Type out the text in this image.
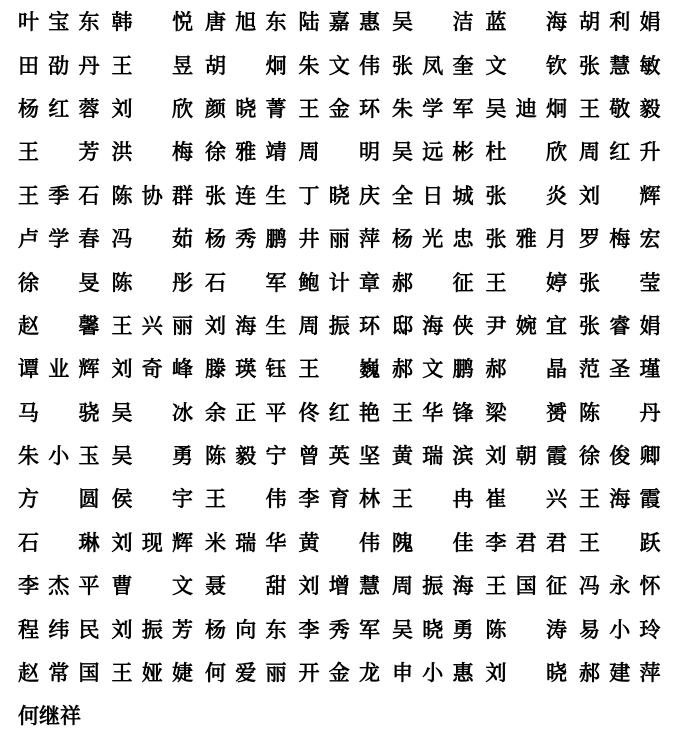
叶 宝 东 韩 悦 唐 旭 东 陆 嘉 惠 吴 洁 蓝 海 胡 利 娟
田 劭 丹 王 昱 胡 炯 朱 文 伟 张 凤 奎 文 钦 张 慧 敏
杨 红 蓉 刘 欣 颜 晓 菁 王 金 环 朱 学 军 吴 迪 炯 王 敬 毅
王 芳 洪 梅 徐 雅 靖 周 明 吴 远 彬 杜 欣 周 红 升
王 季 石 陈 协 群 张 连 生 丁 晓 庆 全 日 城 张 炎 刘 辉
卢 学 春 冯 茹 杨 秀 鹏 井 丽 萍 杨 光 忠 张 雅 月 罗 梅 宏
徐 旻 陈 彤 石 军 鲍 计 章 郝 征 王 婷 张 莹
赵 馨 王 兴 丽 刘 海 生 周 振 环 邸 海 侠 尹 婉 宜 张 睿 娟
谭 业 辉 刘 奇 峰 滕 瑛 钰 王 巍 郝 文 鹏 郝 晶 范 圣 瑾
马 骁 吴 冰 余 正 平 佟 红 艳 王 华 锋 梁 赟 陈 丹
朱 小 玉 吴 勇 陈 毅 宁 曾 英 坚 黄 瑞 滨 刘 朝 霞 徐 俊 卿
方 圆 侯 宇 王 伟 李 育 林 王 冉 崔 兴 王 海 霞
石 琳 刘 现 辉 米 瑞 华 黄 伟 隗 佳 李 君 君 王 跃
李 杰 平 曹 文 聂 甜 刘 增 慧 周 振 海 王 国 征 冯 永 怀
程 纬 民 刘 振 芳 杨 向 东 李 秀 军 吴 晓 勇 陈 涛 易 小 玲
赵 常 国 王 娅 婕 何 爱 丽 开 金 龙 申 小 惠 刘 晓 郝 建 萍
何 继 祥
